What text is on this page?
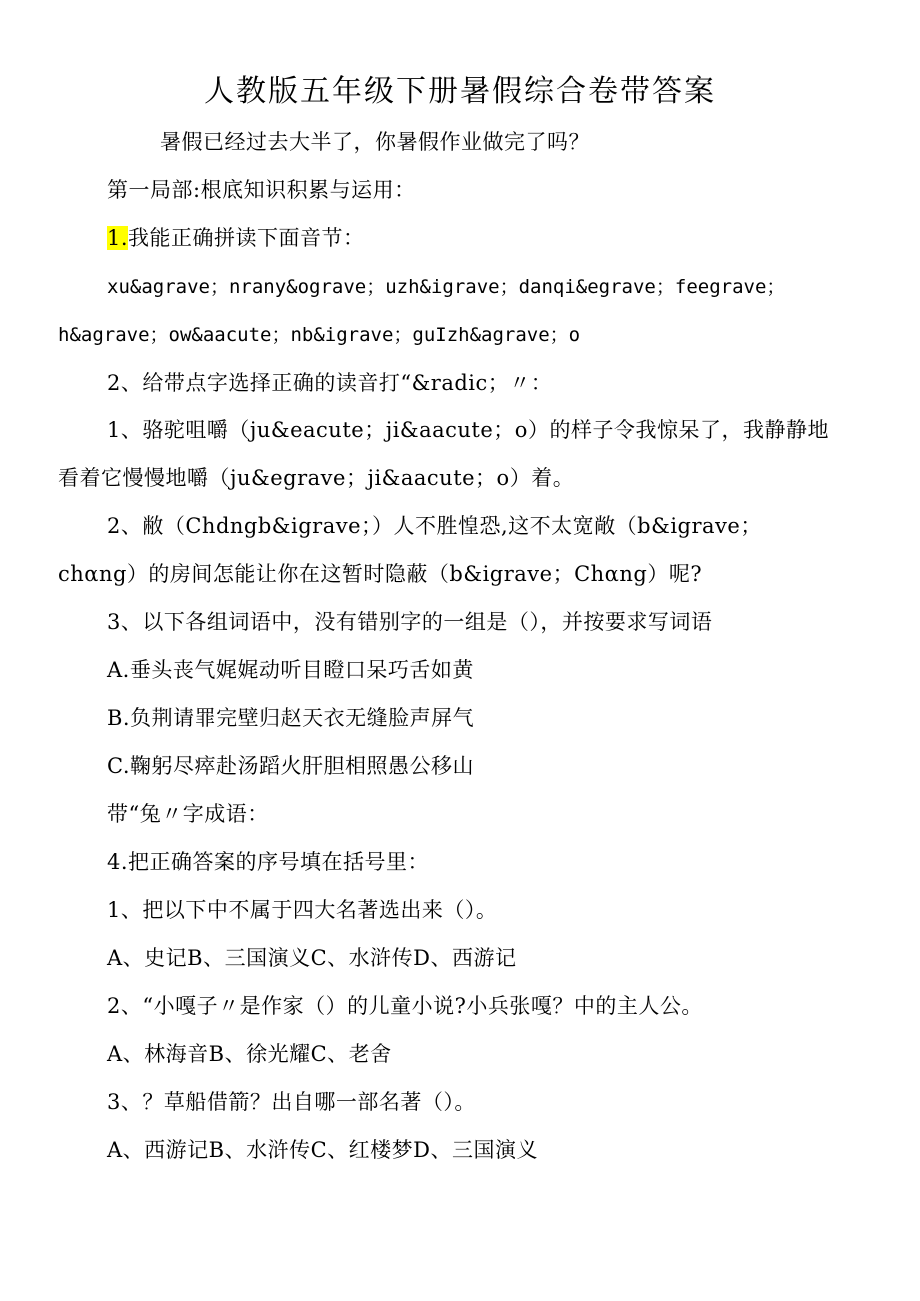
人教版五年级下册暑假综合卷带答案
暑假已经过去大半了，你暑假作业做完了吗？
第一局部:根底知识积累与运用：
1.我能正确拼读下面音节：
xu&agrave；nrany&ograve；uzh&igrave；danqi&egrave；feegrave；
h&agrave；ow&aacute；nb&igrave；guIzh&agrave；o
2、给带点字选择正确的读音打“&radic；〃：
1、骆驼咀嚼（ju&eacute；ji&aacute；o）的样子令我惊呆了，我静静地
看着它慢慢地嚼（ju&egrave；ji&aacute；o）着。
2、敝（Chdngb&igrave；）人不胜惶恐,这不太宽敞（b&igrave；
chαng）的房间怎能让你在这暂时隐蔽（b&igrave；Chαng）呢?
3、以下各组词语中，没有错别字的一组是（），并按要求写词语
A.垂头丧气娓娓动听目瞪口呆巧舌如黄
B.负荆请罪完壁归赵天衣无缝脸声屏气
C.鞠躬尽瘁赴汤蹈火肝胆相照愚公移山
带“兔〃字成语：
4.把正确答案的序号填在括号里：
1、把以下中不属于四大名著选出来（）。
A、史记B、三国演义C、水浒传D、西游记
2、“小嘎子〃是作家（）的儿童小说?小兵张嘎？中的主人公。
A、林海音B、徐光耀C、老舍
3、？草船借箭？出自哪一部名著（）。
A、西游记B、水浒传C、红楼梦D、三国演义
